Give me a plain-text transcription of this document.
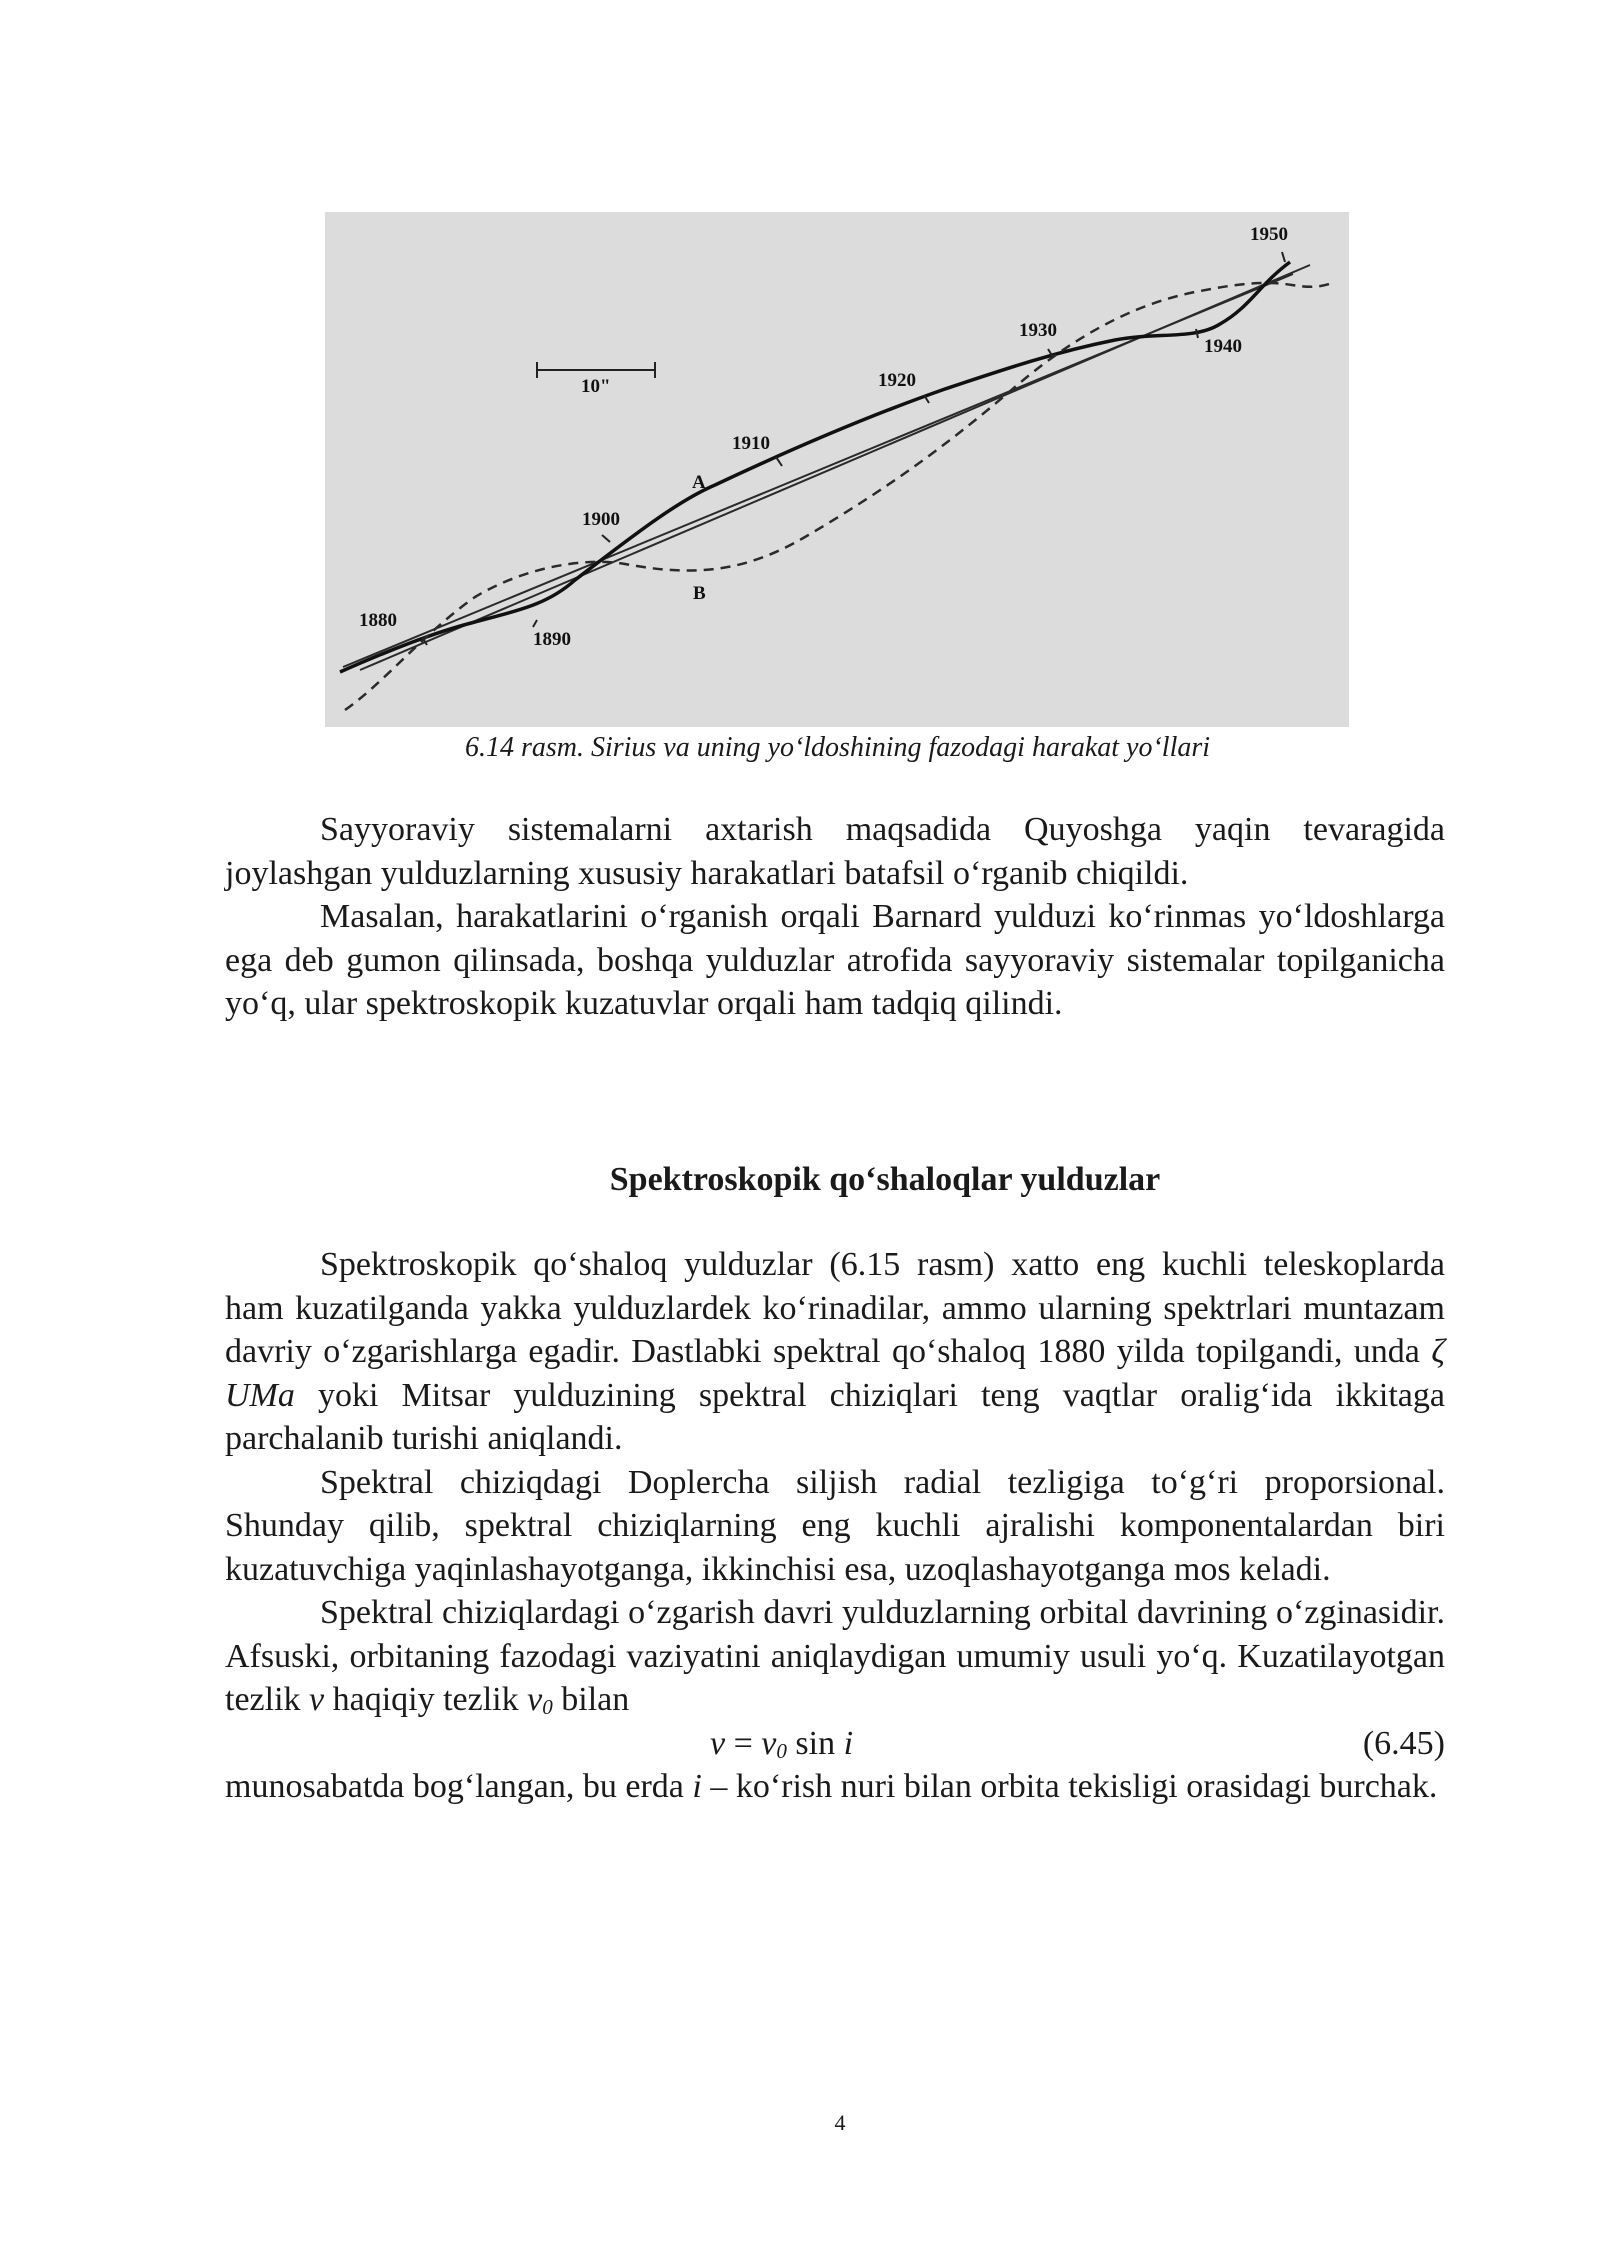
1880
1890
1900
1910
1920
1930
1940
1950
A
B
10"
6.14 rasm. Sirius va uning yo‘ldoshining fazodagi harakat yo‘llari

Sayyoraviy sistemalarni axtarish maqsadida Quyoshga yaqin tevaragida joylashgan yulduzlarning xususiy harakatlari batafsil o‘rganib chiqildi.

Masalan, harakatlarini o‘rganish orqali Barnard yulduzi ko‘rinmas yo‘ldoshlarga ega deb gumon qilinsada, boshqa yulduzlar atrofida sayyoraviy sistemalar topilganicha yo‘q, ular spektroskopik kuzatuvlar orqali ham tadqiq qilindi.

Spektroskopik qo‘shaloqlar yulduzlar

Spektroskopik qo‘shaloq yulduzlar (6.15 rasm) xatto eng kuchli teleskoplarda ham kuzatilganda yakka yulduzlardek ko‘rinadilar, ammo ularning spektrlari muntazam davriy o‘zgarishlarga egadir. Dastlabki spektral qo‘shaloq 1880 yilda topilgandi, unda ζ UMa yoki Mitsar yulduzining spektral chiziqlari teng vaqtlar oralig‘ida ikkitaga parchalanib turishi aniqlandi.

Spektral chiziqdagi Doplercha siljish radial tezligiga to‘g‘ri proporsional. Shunday qilib, spektral chiziqlarning eng kuchli ajralishi komponentalardan biri kuzatuvchiga yaqinlashayotganga, ikkinchisi esa, uzoqlashayotganga mos keladi.

Spektral chiziqlardagi o‘zgarish davri yulduzlarning orbital davrining o‘zginasidir. Afsuski, orbitaning fazodagi vaziyatini aniqlaydigan umumiy usuli yo‘q. Kuzatilayotgan tezlik v haqiqiy tezlik $v_0$ bilan

$v = v_0$ sin i	(6.45)

munosabatda bog‘langan, bu erda i – ko‘rish nuri bilan orbita tekisligi orasidagi burchak.

4
